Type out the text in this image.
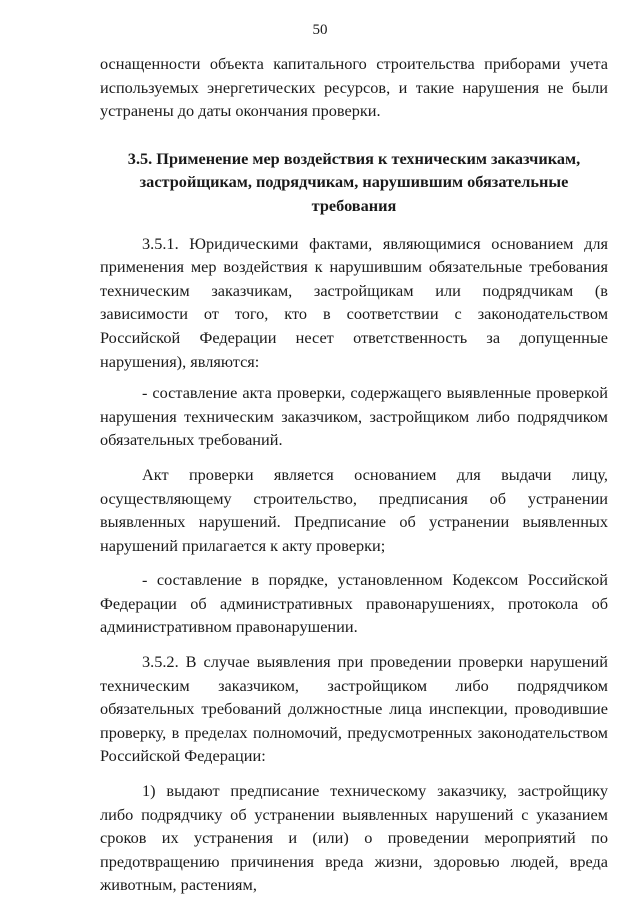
50

оснащенности объекта капитального строительства приборами учета используемых энергетических ресурсов, и такие нарушения не были устранены до даты окончания проверки.

3.5. Применение мер воздействия к техническим заказчикам, застройщикам, подрядчикам, нарушившим обязательные требования

3.5.1. Юридическими фактами, являющимися основанием для применения мер воздействия к нарушившим обязательные требования техническим заказчикам, застройщикам или подрядчикам (в зависимости от того, кто в соответствии с законодательством Российской Федерации несет ответственность за допущенные нарушения), являются:

- составление акта проверки, содержащего выявленные проверкой нарушения техническим заказчиком, застройщиком либо подрядчиком обязательных требований.

Акт проверки является основанием для выдачи лицу, осуществляющему строительство, предписания об устранении выявленных нарушений. Предписание об устранении выявленных нарушений прилагается к акту проверки;

- составление в порядке, установленном Кодексом Российской Федерации об административных правонарушениях, протокола об административном правонарушении.

3.5.2. В случае выявления при проведении проверки нарушений техническим заказчиком, застройщиком либо подрядчиком обязательных требований должностные лица инспекции, проводившие проверку, в пределах полномочий, предусмотренных законодательством Российской Федерации:

1) выдают предписание техническому заказчику, застройщику либо подрядчику об устранении выявленных нарушений с указанием сроков их устранения и (или) о проведении мероприятий по предотвращению причинения вреда жизни, здоровью людей, вреда животным, растениям,
